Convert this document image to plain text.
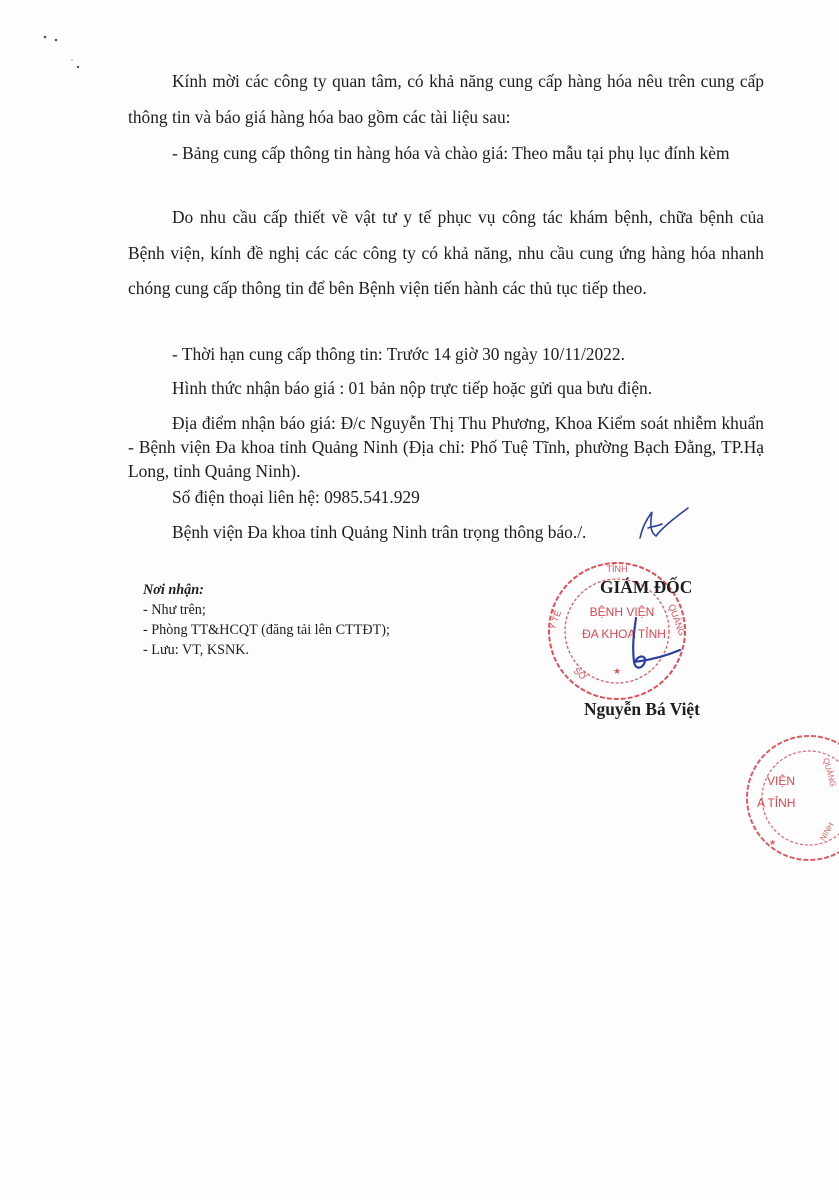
Kính mời các công ty quan tâm, có khả năng cung cấp hàng hóa nêu trên cung cấp thông tin và báo giá hàng hóa bao gồm các tài liệu sau:

- Bảng cung cấp thông tin hàng hóa và chào giá: Theo mẫu tại phụ lục đính kèm

Do nhu cầu cấp thiết về vật tư y tế phục vụ công tác khám bệnh, chữa bệnh của Bệnh viện, kính đề nghị các các công ty có khả năng, nhu cầu cung ứng hàng hóa nhanh chóng cung cấp thông tin để bên Bệnh viện tiến hành các thủ tục tiếp theo.

- Thời hạn cung cấp thông tin: Trước 14 giờ 30 ngày 10/11/2022.

Hình thức nhận báo giá : 01 bản nộp trực tiếp hoặc gửi qua bưu điện.

Địa điểm nhận báo giá: Đ/c Nguyễn Thị Thu Phương, Khoa Kiểm soát nhiễm khuẩn - Bệnh viện Đa khoa tỉnh Quảng Ninh (Địa chỉ: Phố Tuệ Tĩnh, phường Bạch Đằng, TP.Hạ Long, tỉnh Quảng Ninh).

Số điện thoại liên hệ: 0985.541.929

Bệnh viện Đa khoa tỉnh Quảng Ninh trân trọng thông báo./.

Nơi nhận:
- Như trên;
- Phòng TT&HCQT (đăng tải lên CTTĐT);
- Lưu: VT, KSNK.
TỈNH
Y TẾ	QUẢNG
SỞ	★
BỆNH VIỆN
ĐA KHOA TỈNH
GIÁM ĐỐC
Nguyễn Bá Việt
VIỆN
A TỈNH
QUẢNG
NINH
★
